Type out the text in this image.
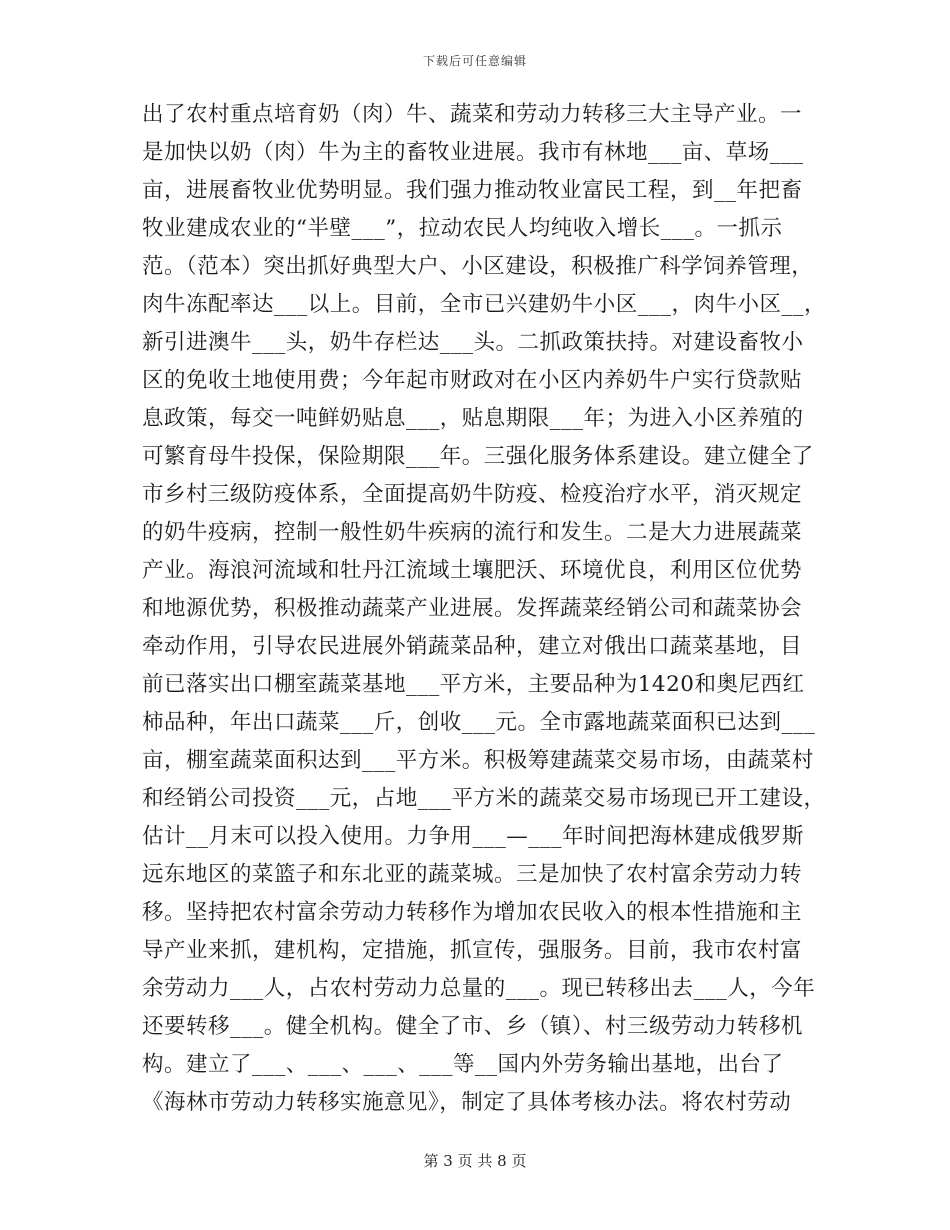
下载后可任意编辑
出了农村重点培育奶（肉）牛、蔬菜和劳动力转移三大主导产业。一
是加快以奶（肉）牛为主的畜牧业进展。我市有林地___亩、草场___
亩，进展畜牧业优势明显。我们强力推动牧业富民工程，到__年把畜
牧业建成农业的“半壁___”，拉动农民人均纯收入增长___。一抓示
范。（范本）突出抓好典型大户、小区建设，积极推广科学饲养管理，
肉牛冻配率达___以上。目前，全市已兴建奶牛小区___，肉牛小区__，
新引进澳牛___头，奶牛存栏达___头。二抓政策扶持。对建设畜牧小
区的免收土地使用费；今年起市财政对在小区内养奶牛户实行贷款贴
息政策，每交一吨鲜奶贴息___，贴息期限___年；为进入小区养殖的
可繁育母牛投保，保险期限___年。三强化服务体系建设。建立健全了
市乡村三级防疫体系，全面提高奶牛防疫、检疫治疗水平，消灭规定
的奶牛疫病，控制一般性奶牛疾病的流行和发生。二是大力进展蔬菜
产业。海浪河流域和牡丹江流域土壤肥沃、环境优良，利用区位优势
和地源优势，积极推动蔬菜产业进展。发挥蔬菜经销公司和蔬菜协会
牵动作用，引导农民进展外销蔬菜品种，建立对俄出口蔬菜基地，目
前已落实出口棚室蔬菜基地___平方米，主要品种为1420和奥尼西红
柿品种，年出口蔬菜___斤，创收___元。全市露地蔬菜面积已达到___
亩，棚室蔬菜面积达到___平方米。积极筹建蔬菜交易市场，由蔬菜村
和经销公司投资___元，占地___平方米的蔬菜交易市场现已开工建设，
估计__月末可以投入使用。力争用___—___年时间把海林建成俄罗斯
远东地区的菜篮子和东北亚的蔬菜城。三是加快了农村富余劳动力转
移。坚持把农村富余劳动力转移作为增加农民收入的根本性措施和主
导产业来抓，建机构，定措施，抓宣传，强服务。目前，我市农村富
余劳动力___人，占农村劳动力总量的___。现已转移出去___人，今年
还要转移___。健全机构。健全了市、乡（镇）、村三级劳动力转移机
构。建立了___、___、___、___等__国内外劳务输出基地，出台了
《海林市劳动力转移实施意见》，制定了具体考核办法。将农村劳动
第 3 页 共 8 页
